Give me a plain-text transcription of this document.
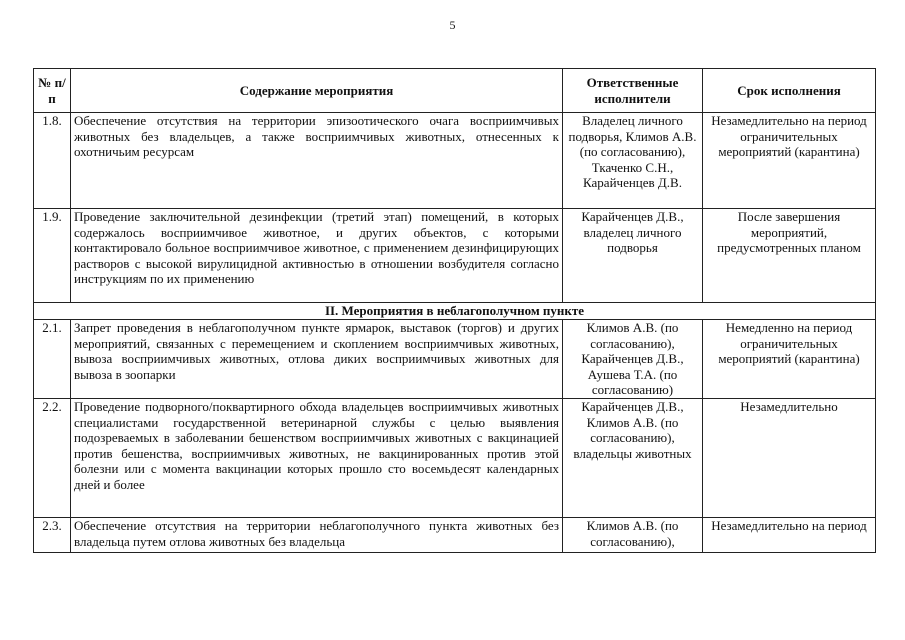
5
№ п/п	Содержание мероприятия	Ответственные исполнители	Срок исполнения
1.8.	Обеспечение отсутствия на территории эпизоотического очага восприимчивых животных без владельцев, а также восприимчивых животных, отнесенных к охотничьим ресурсам	Владелец личного подворья, Климов А.В. (по согласованию), Ткаченко С.Н., Карайченцев Д.В.	Незамедлительно на период ограничительных мероприятий (карантина)
1.9.	Проведение заключительной дезинфекции (третий этап) помещений, в которых содержалось восприимчивое животное, и других объектов, с которыми контактировало больное восприимчивое животное, с применением дезинфицирующих растворов с высокой вирулицидной активностью в отношении возбудителя согласно инструкциям по их применению	Карайченцев Д.В., владелец личного подворья	После завершения мероприятий, предусмотренных планом
II. Мероприятия в неблагополучном пункте			
2.1.	Запрет проведения в неблагополучном пункте ярмарок, выставок (торгов) и других мероприятий, связанных с перемещением и скоплением восприимчивых животных, вывоза восприимчивых животных, отлова диких восприимчивых животных для вывоза в зоопарки	Климов А.В. (по согласованию), Карайченцев Д.В., Аушева Т.А. (по согласованию)	Немедленно на период ограничительных мероприятий (карантина)
2.2.	Проведение подворного/поквартирного обхода владельцев восприимчивых животных специалистами государственной ветеринарной службы с целью выявления подозреваемых в заболевании бешенством восприимчивых животных с вакцинацией против бешенства, восприимчивых животных, не вакцинированных против этой болезни или с момента вакцинации которых прошло сто восемьдесят календарных дней и более	Карайченцев Д.В., Климов А.В. (по согласованию), владельцы животных	Незамедлительно
2.3.	Обеспечение отсутствия на территории неблагополучного пункта животных без владельца путем отлова животных без владельца	Климов А.В. (по согласованию),	Незамедлительно на период
